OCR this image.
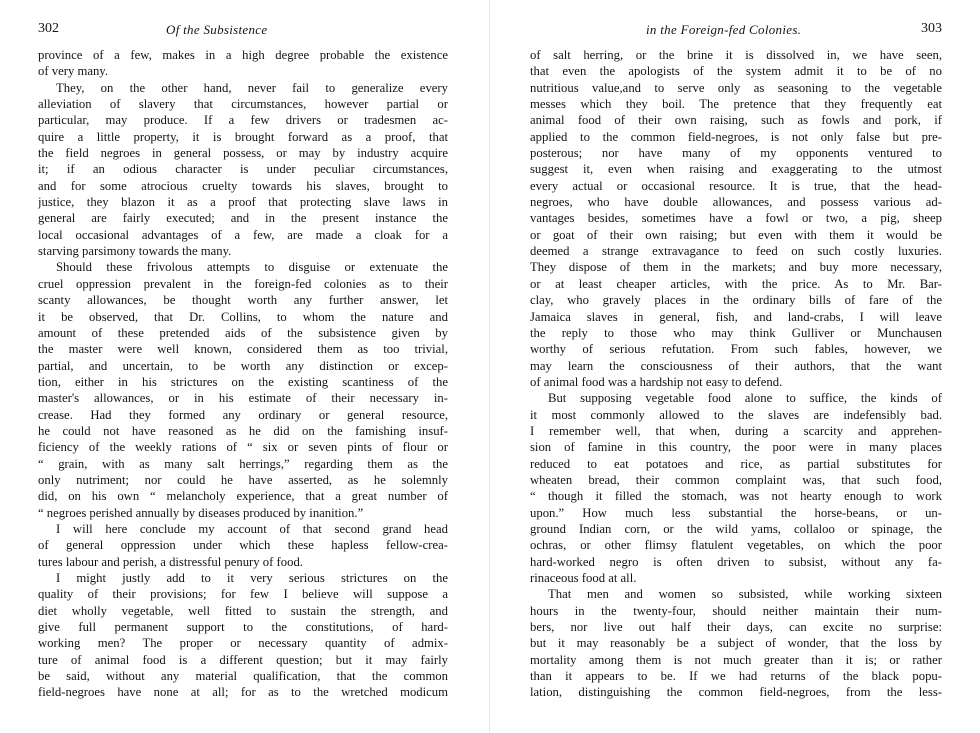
302	Of the Subsistence
province of a few, makes in a high degree probable the existence
of very many.
They, on the other hand, never fail to generalize every
alleviation of slavery that circumstances, however partial or
particular, may produce. If a few drivers or tradesmen ac-
quire a little property, it is brought forward as a proof, that
the field negroes in general possess, or may by industry acquire
it; if an odious character is under peculiar circumstances,
and for some atrocious cruelty towards his slaves, brought to
justice, they blazon it as a proof that protecting slave laws in
general are fairly executed; and in the present instance the
local occasional advantages of a few, are made a cloak for a
starving parsimony towards the many.
Should these frivolous attempts to disguise or extenuate the
cruel oppression prevalent in the foreign-fed colonies as to their
scanty allowances, be thought worth any further answer, let
it be observed, that Dr. Collins, to whom the nature and
amount of these pretended aids of the subsistence given by
the master were well known, considered them as too trivial,
partial, and uncertain, to be worth any distinction or excep-
tion, either in his strictures on the existing scantiness of the
master's allowances, or in his estimate of their necessary in-
crease. Had they formed any ordinary or general resource,
he could not have reasoned as he did on the famishing insuf-
ficiency of the weekly rations of “ six or seven pints of flour or
“ grain, with as many salt herrings,” regarding them as the
only nutriment; nor could he have asserted, as he solemnly
did, on his own “ melancholy experience, that a great number of
“ negroes perished annually by diseases produced by inanition.”
I will here conclude my account of that second grand head
of general oppression under which these hapless fellow-crea-
tures labour and perish, a distressful penury of food.
I might justly add to it very serious strictures on the
quality of their provisions; for few I believe will suppose a
diet wholly vegetable, well fitted to sustain the strength, and
give full permanent support to the constitutions, of hard-
working men? The proper or necessary quantity of admix-
ture of animal food is a different question; but it may fairly
be said, without any material qualification, that the common
field-negroes have none at all; for as to the wretched modicum
in the Foreign-fed Colonies.	303
of salt herring, or the brine it is dissolved in, we have seen,
that even the apologists of the system admit it to be of no
nutritious value,and to serve only as seasoning to the vegetable
messes which they boil. The pretence that they frequently eat
animal food of their own raising, such as fowls and pork, if
applied to the common field-negroes, is not only false but pre-
posterous; nor have many of my opponents ventured to
suggest it, even when raising and exaggerating to the utmost
every actual or occasional resource. It is true, that the head-
negroes, who have double allowances, and possess various ad-
vantages besides, sometimes have a fowl or two, a pig, sheep
or goat of their own raising; but even with them it would be
deemed a strange extravagance to feed on such costly luxuries.
They dispose of them in the markets; and buy more necessary,
or at least cheaper articles, with the price. As to Mr. Bar-
clay, who gravely places in the ordinary bills of fare of the
Jamaica slaves in general, fish, and land-crabs, I will leave
the reply to those who may think Gulliver or Munchausen
worthy of serious refutation. From such fables, however, we
may learn the consciousness of their authors, that the want
of animal food was a hardship not easy to defend.
But supposing vegetable food alone to suffice, the kinds of
it most commonly allowed to the slaves are indefensibly bad.
I remember well, that when, during a scarcity and apprehen-
sion of famine in this country, the poor were in many places
reduced to eat potatoes and rice, as partial substitutes for
wheaten bread, their common complaint was, that such food,
“ though it filled the stomach, was not hearty enough to work
upon.” How much less substantial the horse-beans, or un-
ground Indian corn, or the wild yams, collaloo or spinage, the
ochras, or other flimsy flatulent vegetables, on which the poor
hard-worked negro is often driven to subsist, without any fa-
rinaceous food at all.
That men and women so subsisted, while working sixteen
hours in the twenty-four, should neither maintain their num-
bers, nor live out half their days, can excite no surprise:
but it may reasonably be a subject of wonder, that the loss by
mortality among them is not much greater than it is; or rather
than it appears to be. If we had returns of the black popu-
lation, distinguishing the common field-negroes, from the less-
